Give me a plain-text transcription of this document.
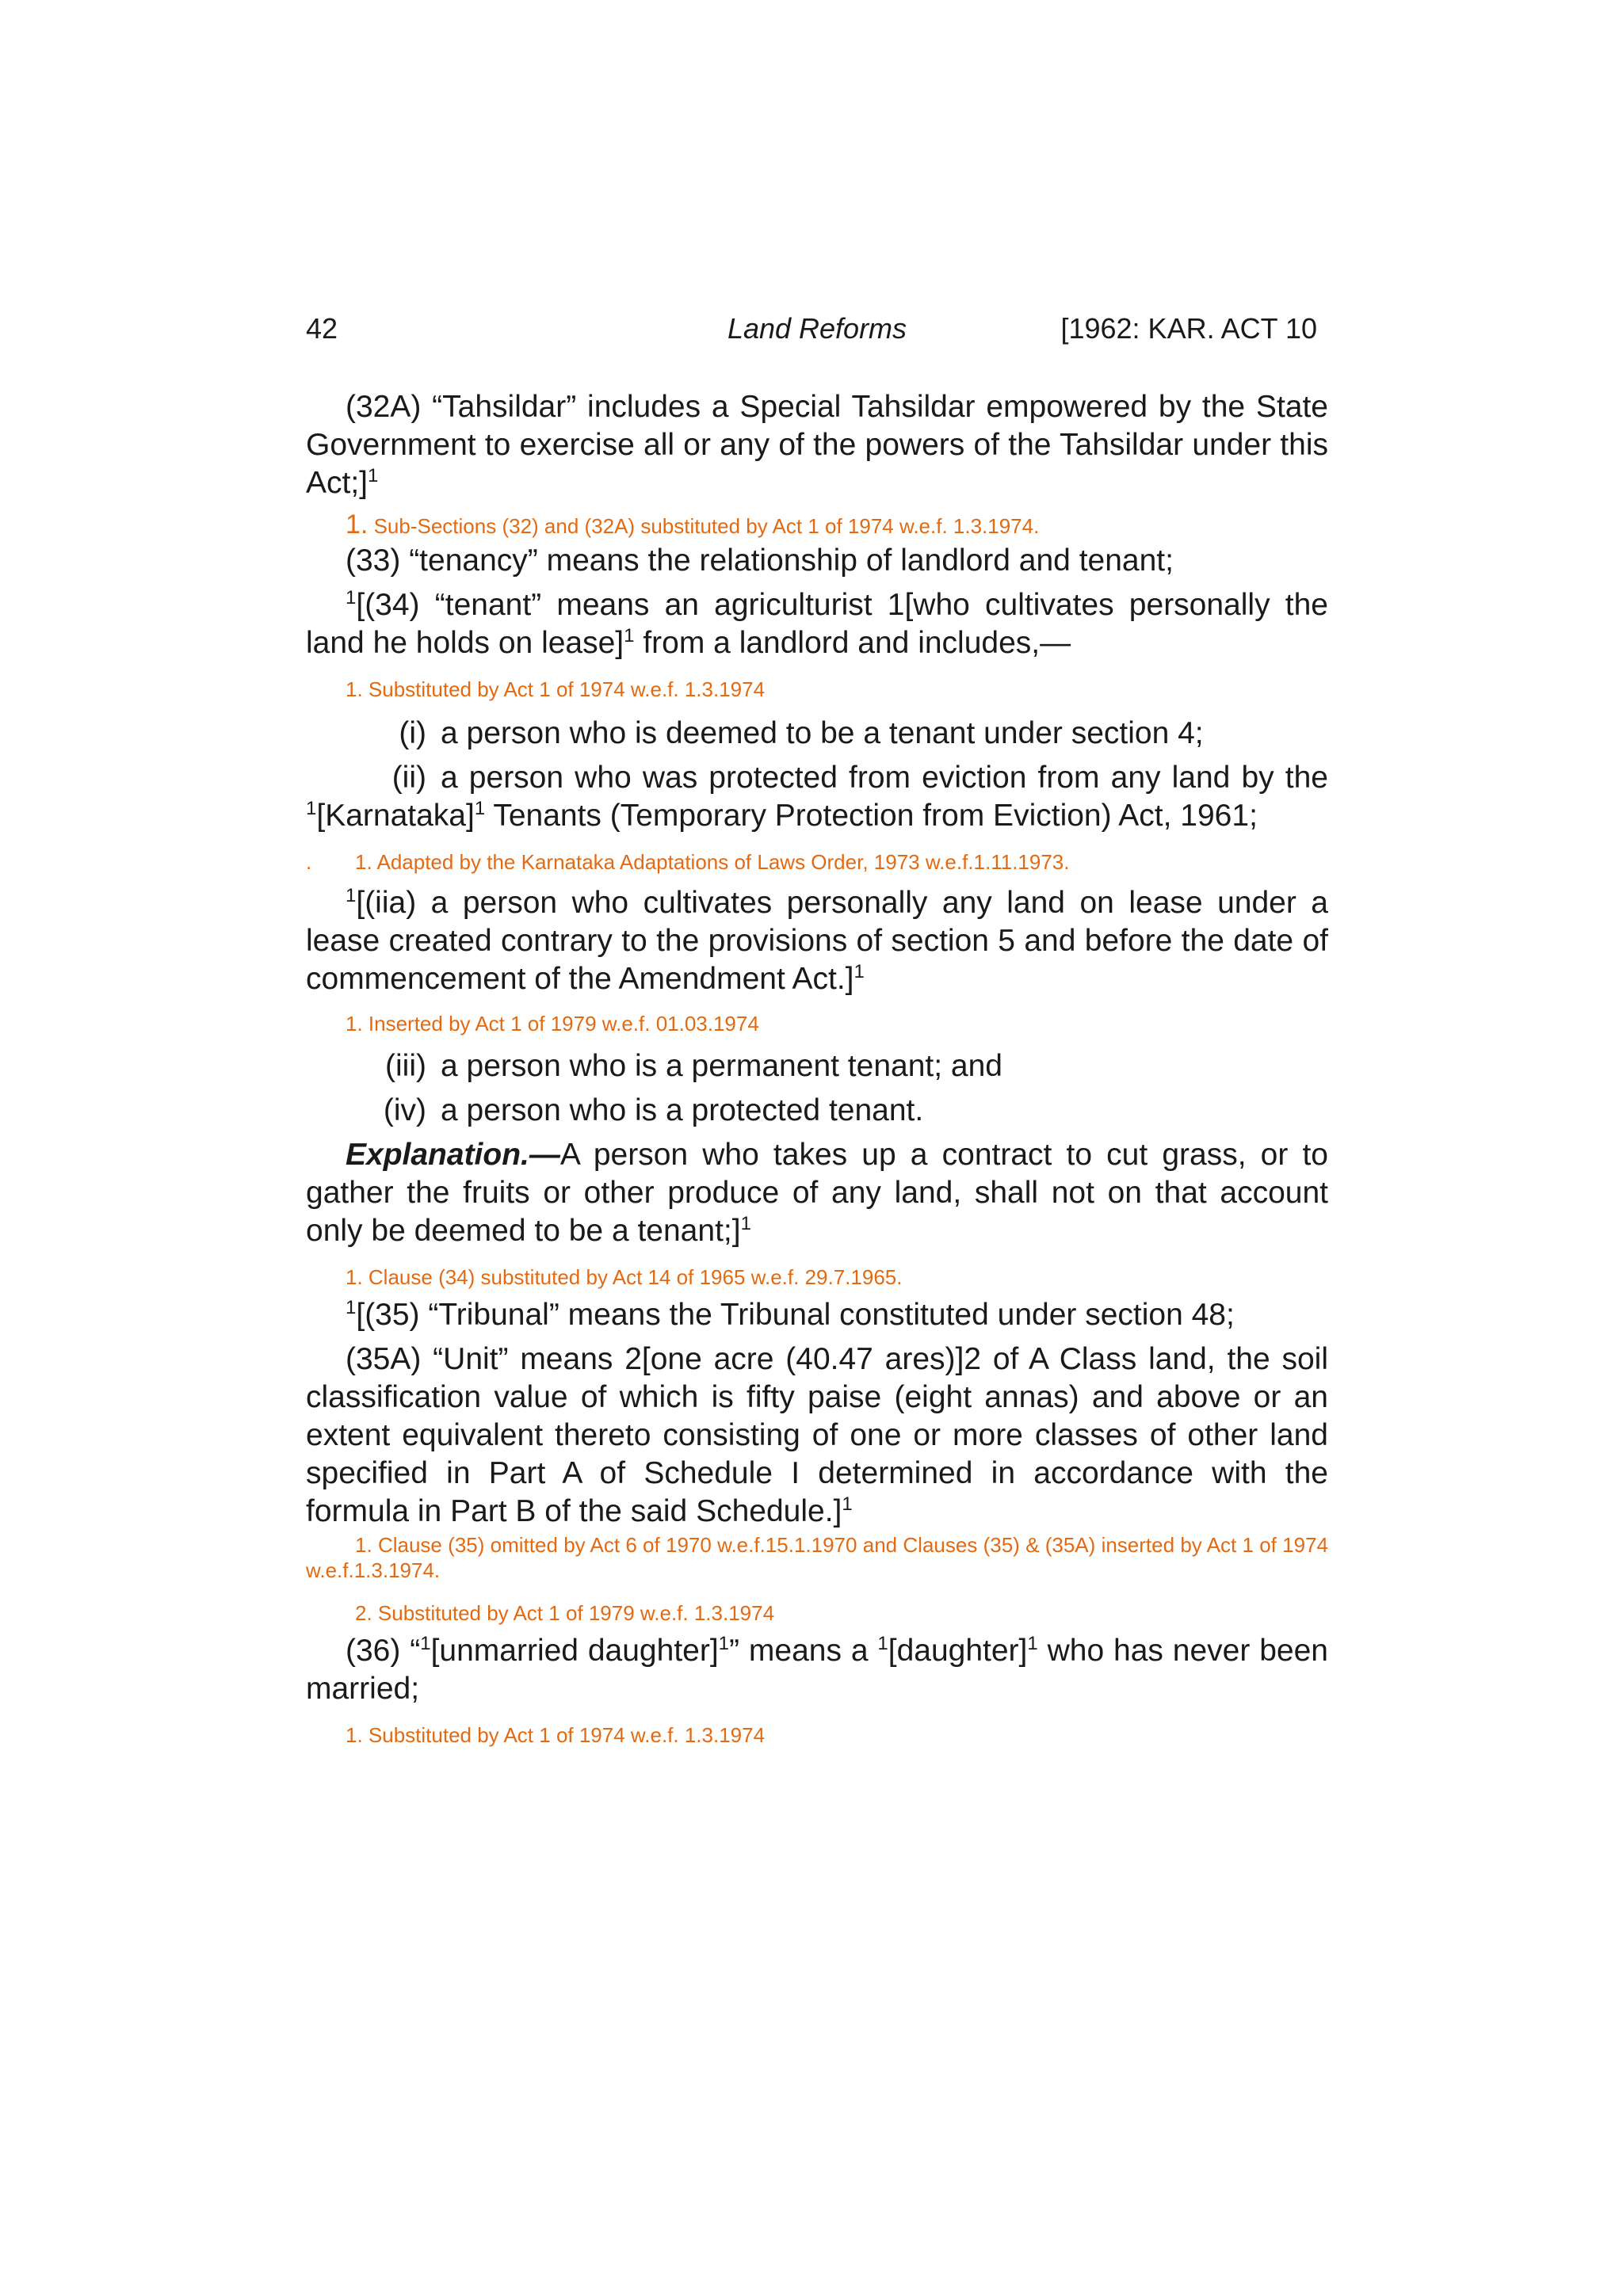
42	Land Reforms	[1962: KAR. ACT 10

(32A) “Tahsildar” includes a Special Tahsildar empowered by the State Government to exercise all or any of the powers of the Tahsildar under this Act;]$^1$

1. Sub-Sections (32) and (32A) substituted by Act 1 of 1974 w.e.f. 1.3.1974.

(33) “tenancy” means the relationship of landlord and tenant;

$^1$[(34) “tenant” means an agriculturist 1[who cultivates personally the land he holds on lease]$^1$ from a landlord and includes,—

1. Substituted by Act 1 of 1974 w.e.f. 1.3.1974

(i) a person who is deemed to be a tenant under section 4;
(ii) a person who was protected from eviction from any land by the

$^1$[Karnataka]$^1$ Tenants (Temporary Protection from Eviction) Act, 1961;

. 1. Adapted by the Karnataka Adaptations of Laws Order, 1973 w.e.f.1.11.1973.

$^1$[(iia) a person who cultivates personally any land on lease under a lease created contrary to the provisions of section 5 and before the date of commencement of the Amendment Act.]$^1$

1. Inserted by Act 1 of 1979 w.e.f. 01.03.1974

(iii) a person who is a permanent tenant; and
(iv) a person who is a protected tenant.

Explanation.—A person who takes up a contract to cut grass, or to gather the fruits or other produce of any land, shall not on that account only be deemed to be a tenant;]$^1$

1. Clause (34) substituted by Act 14 of 1965 w.e.f. 29.7.1965.

$^1$[(35) “Tribunal” means the Tribunal constituted under section 48;

(35A) “Unit” means 2[one acre (40.47 ares)]2 of A Class land, the soil classification value of which is fifty paise (eight annas) and above or an extent equivalent thereto consisting of one or more classes of other land specified in Part A of Schedule I determined in accordance with the formula in Part B of the said Schedule.]$^1$

1. Clause (35) omitted by Act 6 of 1970 w.e.f.15.1.1970 and Clauses (35) & (35A) inserted by Act 1 of 1974 w.e.f.1.3.1974.

2. Substituted by Act 1 of 1979 w.e.f. 1.3.1974

(36) “$^1$[unmarried daughter]$^1$” means a $^1$[daughter]$^1$ who has never been married;

1. Substituted by Act 1 of 1974 w.e.f. 1.3.1974
